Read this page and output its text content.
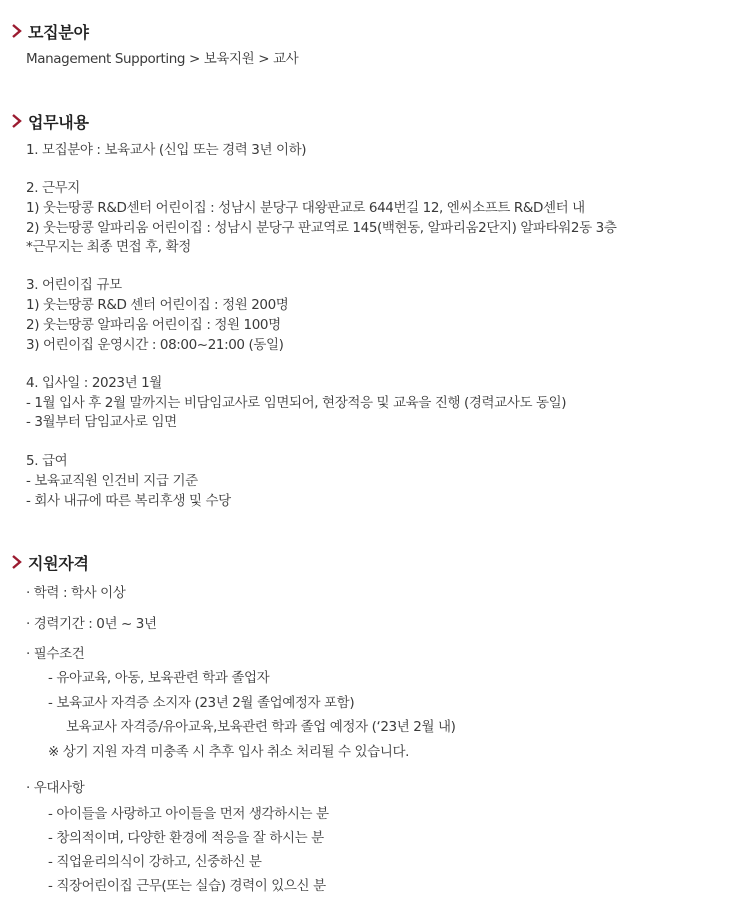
모집분야
Management Supporting > 보육지원 > 교사
업무내용
1. 모집분야 : 보육교사 (신입 또는 경력 3년 이하)
2. 근무지
1) 웃는땅콩 R&D센터 어린이집 : 성남시 분당구 대왕판교로 644번길 12, 엔씨소프트 R&D센터 내
2) 웃는땅콩 알파리움 어린이집 : 성남시 분당구 판교역로 145(백현동, 알파리움2단지) 알파타워2동 3층
*근무지는 최종 면접 후, 확정
3. 어린이집 규모
1) 웃는땅콩 R&D 센터 어린이집 : 정원 200명
2) 웃는땅콩 알파리움 어린이집 : 정원 100명
3) 어린이집 운영시간 : 08:00~21:00 (동일)
4. 입사일 : 2023년 1월
- 1월 입사 후 2월 말까지는 비담임교사로 임면되어, 현장적응 및 교육을 진행 (경력교사도 동일)
- 3월부터 담임교사로 임면
5. 급여
- 보육교직원 인건비 지급 기준
- 회사 내규에 따른 복리후생 및 수당
지원자격
· 학력 : 학사 이상
· 경력기간 : 0년 ~ 3년
· 필수조건
- 유아교육, 아동, 보육관련 학과 졸업자
- 보육교사 자격증 소지자 (23년 2월 졸업예정자 포함)
보육교사 자격증/유아교육,보육관련 학과 졸업 예정자 (‘23년 2월 내)
※ 상기 지원 자격 미충족 시 추후 입사 취소 처리될 수 있습니다.
· 우대사항
- 아이들을 사랑하고 아이들을 먼저 생각하시는 분
- 창의적이며, 다양한 환경에 적응을 잘 하시는 분
- 직업윤리의식이 강하고, 신중하신 분
- 직장어린이집 근무(또는 실습) 경력이 있으신 분
